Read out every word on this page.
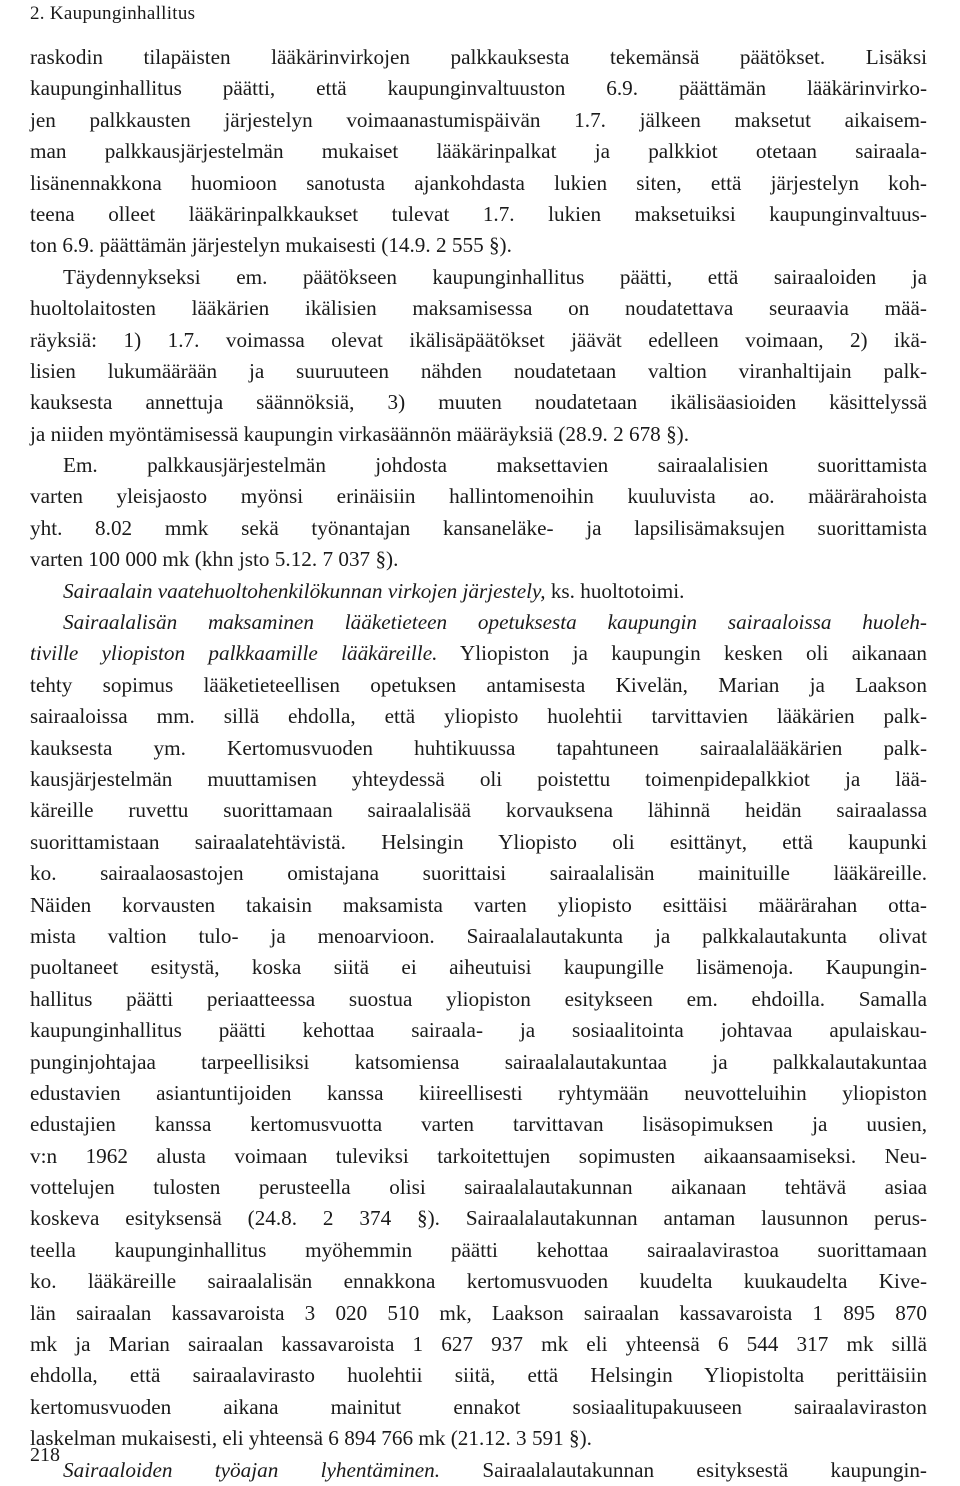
2. Kaupunginhallitus
raskodin tilapäisten lääkärinvirkojen palkkauksesta tekemänsä päätökset. Lisäksi
kaupunginhallitus päätti, että kaupunginvaltuuston 6.9. päättämän lääkärinvirko-
jen palkkausten järjestelyn voimaanastumispäivän 1.7. jälkeen maksetut aikaisem-
man palkkausjärjestelmän mukaiset lääkärinpalkat ja palkkiot otetaan sairaala-
lisänennakkona huomioon sanotusta ajankohdasta lukien siten, että järjestelyn koh-
teena olleet lääkärinpalkkaukset tulevat 1.7. lukien maksetuiksi kaupunginvaltuus-
ton 6.9. päättämän järjestelyn mukaisesti (14.9. 2 555 §).
Täydennykseksi em. päätökseen kaupunginhallitus päätti, että sairaaloiden ja
huoltolaitosten lääkärien ikälisien maksamisessa on noudatettava seuraavia mää-
räyksiä: 1) 1.7. voimassa olevat ikälisäpäätökset jäävät edelleen voimaan, 2) ikä-
lisien lukumäärään ja suuruuteen nähden noudatetaan valtion viranhaltijain palk-
kauksesta annettuja säännöksiä, 3) muuten noudatetaan ikälisäasioiden käsittelyssä
ja niiden myöntämisessä kaupungin virkasäännön määräyksiä (28.9. 2 678 §).
Em. palkkausjärjestelmän johdosta maksettavien sairaalalisien suorittamista
varten yleisjaosto myönsi erinäisiin hallintomenoihin kuuluvista ao. määrärahoista
yht. 8.02 mmk sekä työnantajan kansaneläke- ja lapsilisämaksujen suorittamista
varten 100 000 mk (khn jsto 5.12. 7 037 §).
Sairaalain vaatehuoltohenkilökunnan virkojen järjestely, ks. huoltotoimi.
Sairaalalisän maksaminen lääketieteen opetuksesta kaupungin sairaaloissa huoleh-
tiville yliopiston palkkaamille lääkäreille. Yliopiston ja kaupungin kesken oli aikanaan
tehty sopimus lääketieteellisen opetuksen antamisesta Kivelän, Marian ja Laakson
sairaaloissa mm. sillä ehdolla, että yliopisto huolehtii tarvittavien lääkärien palk-
kauksesta ym. Kertomusvuoden huhtikuussa tapahtuneen sairaalalääkärien palk-
kausjärjestelmän muuttamisen yhteydessä oli poistettu toimenpidepalkkiot ja lää-
käreille ruvettu suorittamaan sairaalalisää korvauksena lähinnä heidän sairaalassa
suorittamistaan sairaalatehtävistä. Helsingin Yliopisto oli esittänyt, että kaupunki
ko. sairaalaosastojen omistajana suorittaisi sairaalalisän mainituille lääkäreille.
Näiden korvausten takaisin maksamista varten yliopisto esittäisi määrärahan otta-
mista valtion tulo- ja menoarvioon. Sairaalalautakunta ja palkkalautakunta olivat
puoltaneet esitystä, koska siitä ei aiheutuisi kaupungille lisämenoja. Kaupungin-
hallitus päätti periaatteessa suostua yliopiston esitykseen em. ehdoilla. Samalla
kaupunginhallitus päätti kehottaa sairaala- ja sosiaalitointa johtavaa apulaiskau-
punginjohtajaa tarpeellisiksi katsomiensa sairaalalautakuntaa ja palkkalautakuntaa
edustavien asiantuntijoiden kanssa kiireellisesti ryhtymään neuvotteluihin yliopiston
edustajien kanssa kertomusvuotta varten tarvittavan lisäsopimuksen ja uusien,
v:n 1962 alusta voimaan tuleviksi tarkoitettujen sopimusten aikaansaamiseksi. Neu-
vottelujen tulosten perusteella olisi sairaalalautakunnan aikanaan tehtävä asiaa
koskeva esityksensä (24.8. 2 374 §). Sairaalalautakunnan antaman lausunnon perus-
teella kaupunginhallitus myöhemmin päätti kehottaa sairaalavirastoa suorittamaan
ko. lääkäreille sairaalalisän ennakkona kertomusvuoden kuudelta kuukaudelta Kive-
län sairaalan kassavaroista 3 020 510 mk, Laakson sairaalan kassavaroista 1 895 870
mk ja Marian sairaalan kassavaroista 1 627 937 mk eli yhteensä 6 544 317 mk sillä
ehdolla, että sairaalavirasto huolehtii siitä, että Helsingin Yliopistolta perittäisiin
kertomusvuoden aikana mainitut ennakot sosiaalitupakuuseen sairaalaviraston
laskelman mukaisesti, eli yhteensä 6 894 766 mk (21.12. 3 591 §).
Sairaaloiden työajan lyhentäminen. Sairaalalautakunnan esityksestä kaupungin-
218
